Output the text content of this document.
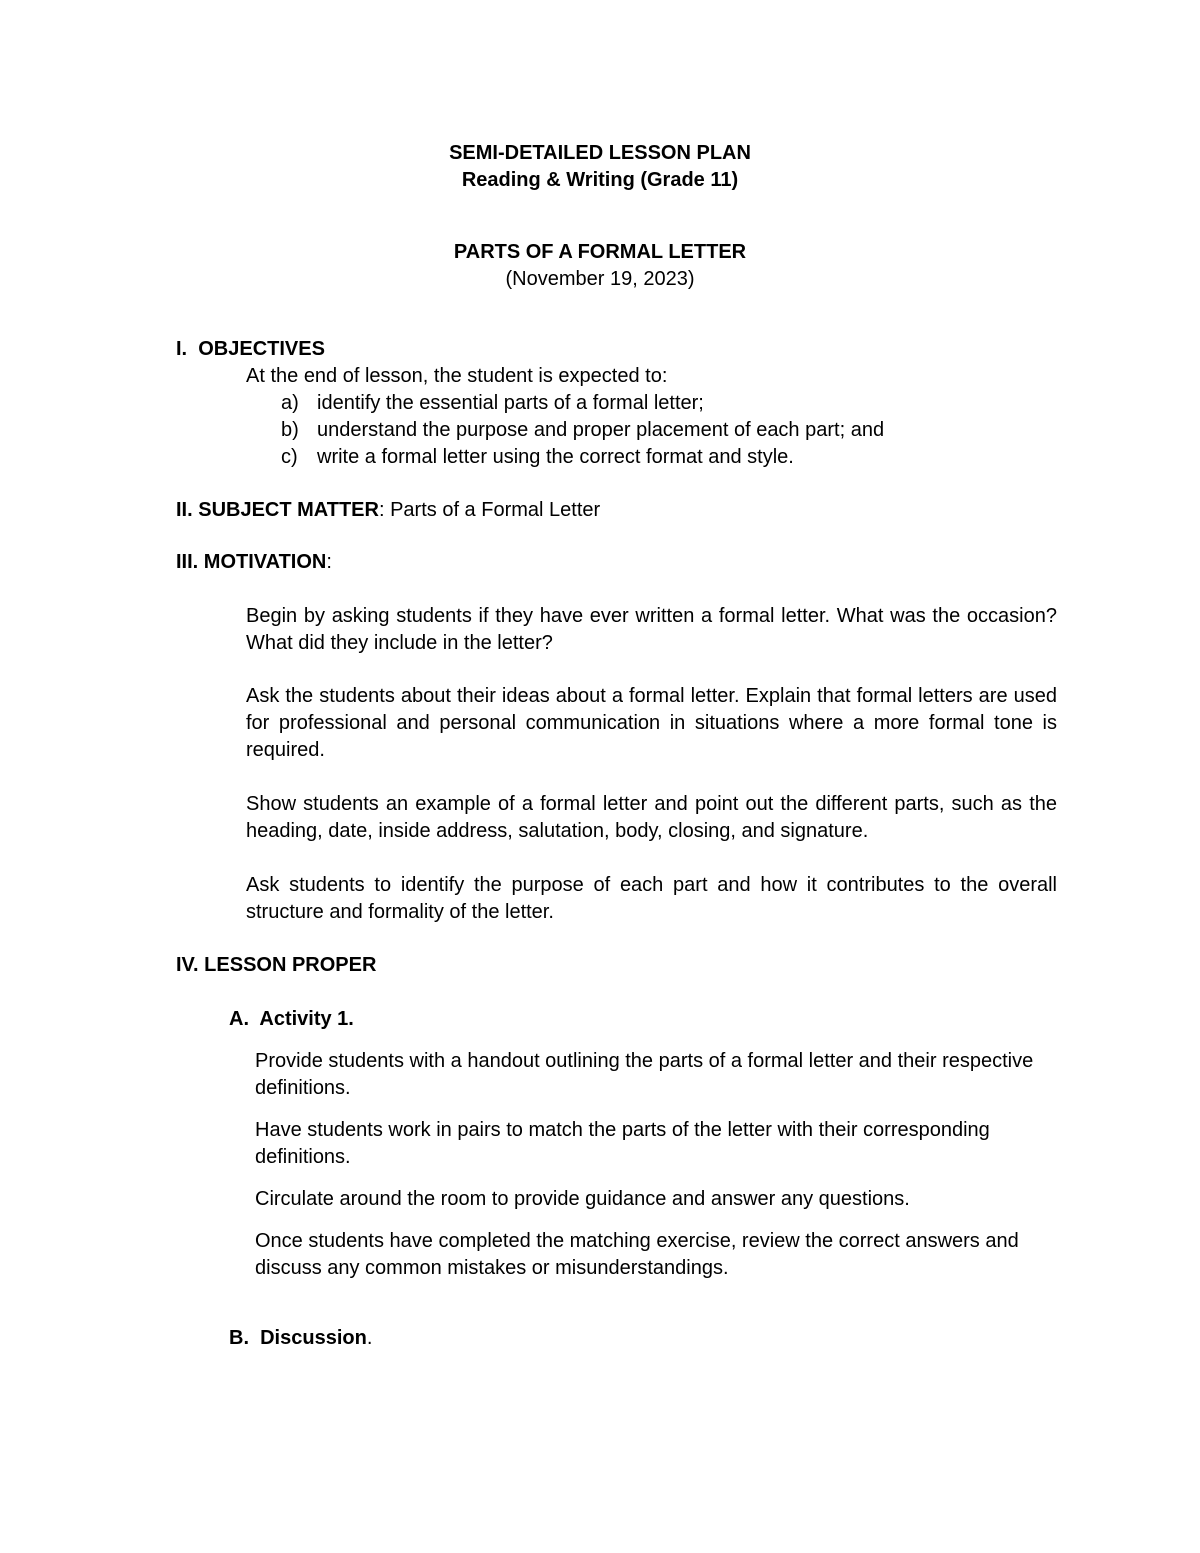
SEMI-DETAILED LESSON PLAN
Reading & Writing (Grade 11)
PARTS OF A FORMAL LETTER
(November 19, 2023)
I.  OBJECTIVES
At the end of lesson, the student is expected to:
a) identify the essential parts of a formal letter;
b) understand the purpose and proper placement of each part; and
c) write a formal letter using the correct format and style.
II. SUBJECT MATTER: Parts of a Formal Letter
III. MOTIVATION:

Begin by asking students if they have ever written a formal letter. What was the occasion? What did they include in the letter?

Ask the students about their ideas about a formal letter. Explain that formal letters are used for professional and personal communication in situations where a more formal tone is required.

Show students an example of a formal letter and point out the different parts, such as the heading, date, inside address, salutation, body, closing, and signature.

Ask students to identify the purpose of each part and how it contributes to the overall structure and formality of the letter.

IV. LESSON PROPER
A.  Activity 1.

Provide students with a handout outlining the parts of a formal letter and their respective definitions.

Have students work in pairs to match the parts of the letter with their corresponding definitions.

Circulate around the room to provide guidance and answer any questions.

Once students have completed the matching exercise, review the correct answers and discuss any common mistakes or misunderstandings.

B.  Discussion.
